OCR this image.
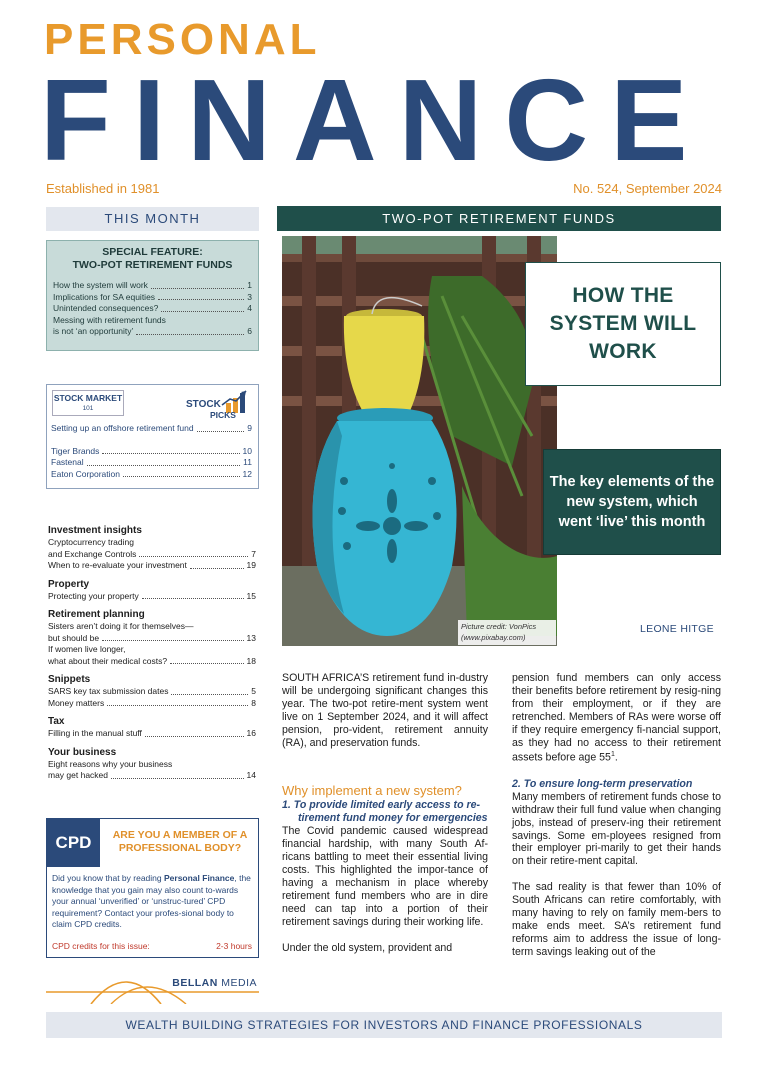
PERSONAL
FINANCE
Established in 1981	No. 524, September 2024
THIS MONTH
SPECIAL FEATURE:
TWO-POT RETIREMENT FUNDS
How the system will work	1
Implications for SA equities	3
Unintended consequences?	4
Messing with retirement funds
is not ‘an opportunity’	6
STOCK MARKET
101	STOCK
PICKS
Setting up an offshore retirement fund	9
Tiger Brands	10
Fastenal	11
Eaton Corporation	12
Investment insights
Cryptocurrency trading
and Exchange Controls	7
When to re-evaluate your investment	19
Property
Protecting your property	15
Retirement planning
Sisters aren’t doing it for themselves—
but should be	13
If women live longer,
what about their medical costs?	18
Snippets
SARS key tax submission dates	5
Money matters	8
Tax
Filling in the manual stuff	16
Your business
Eight reasons why your business
may get hacked	14
CPD	ARE YOU A MEMBER OF A PROFESSIONAL BODY?
Did you know that by reading Personal Finance, the knowledge that you gain may also count to-wards your annual ‘unverified’ or ‘unstruc-tured’ CPD requirement? Contact your profes-sional body to claim CPD credits.
CPD credits for this issue:	2-3 hours
BELLAN MEDIA
TWO-POT RETIREMENT FUNDS
Picture credit: VonPics
(www.pixabay.com)
HOW THE SYSTEM WILL WORK
The key elements of the new system, which went ‘live’ this month
LEONE HITGE

SOUTH AFRICA’S retirement fund in-dustry will be undergoing significant changes this year. The two-pot retire-ment system went live on 1 September 2024, and it will affect pension, pro-vident, retirement annuity (RA), and preservation funds.

Why implement a new system?

1. To provide limited early access to re-tirement fund money for emergencies

The Covid pandemic caused widespread financial hardship, with many South Af-ricans battling to meet their essential living costs. This highlighted the impor-tance of having a mechanism in place whereby retirement fund members who are in dire need can tap into a portion of their retirement savings during their working life.

Under the old system, provident and

pension fund members can only access their benefits before retirement by resig-ning from their employment, or if they are retrenched. Members of RAs were worse off if they require emergency fi-nancial support, as they had no access to their retirement assets before age $55^1$.

2. To ensure long-term preservation

Many members of retirement funds chose to withdraw their full fund value when changing jobs, instead of preserv-ing their retirement savings. Some em-ployees resigned from their employer pri-marily to get their hands on their retire-ment capital.

The sad reality is that fewer than 10% of South Africans can retire comfortably, with many having to rely on family mem-bers to make ends meet. SA’s retirement fund reforms aim to address the issue of long-term savings leaking out of the

WEALTH BUILDING STRATEGIES FOR INVESTORS AND FINANCE PROFESSIONALS
